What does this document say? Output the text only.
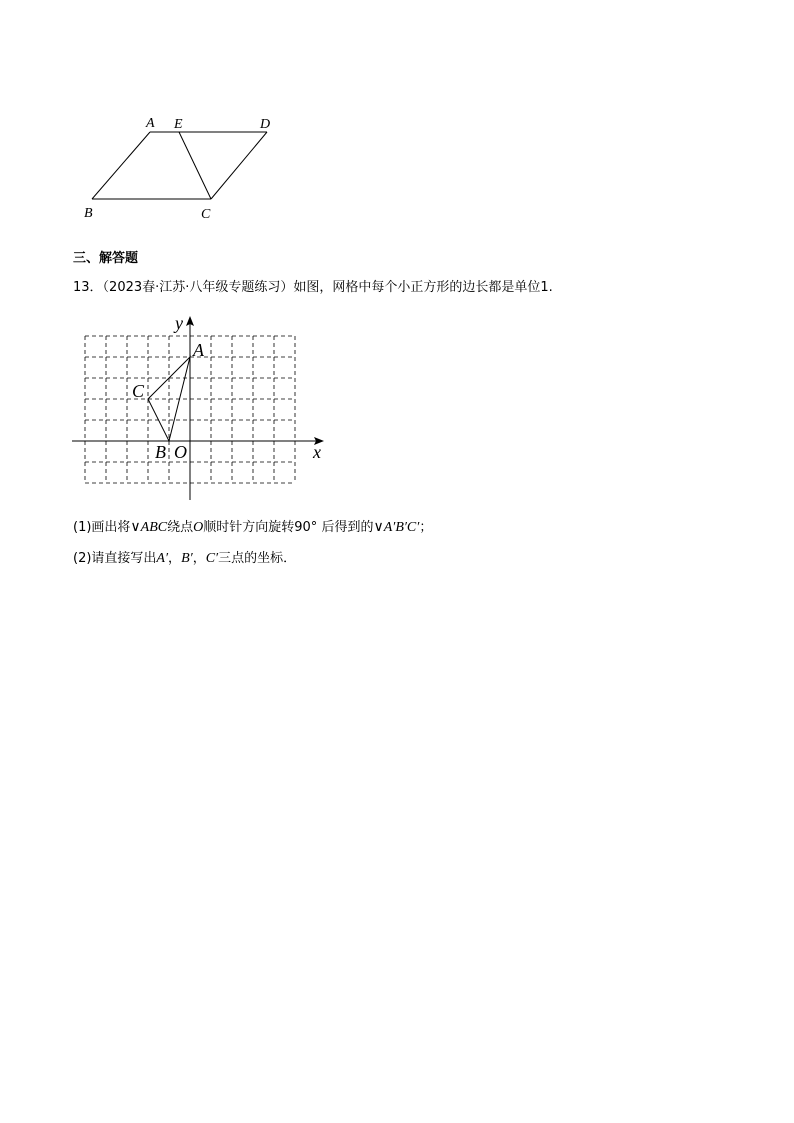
A E	D
B	C
三、解答题
13．（2023春·江苏·八年级专题练习）如图，网格中每个小正方形的边长都是单位1.
x
y
O
A
B
C
(1)画出将∨ABC绕点O顺时针方向旋转90° 后得到的∨A′B′C′；
(2)请直接写出A′，B′，C′三点的坐标．
